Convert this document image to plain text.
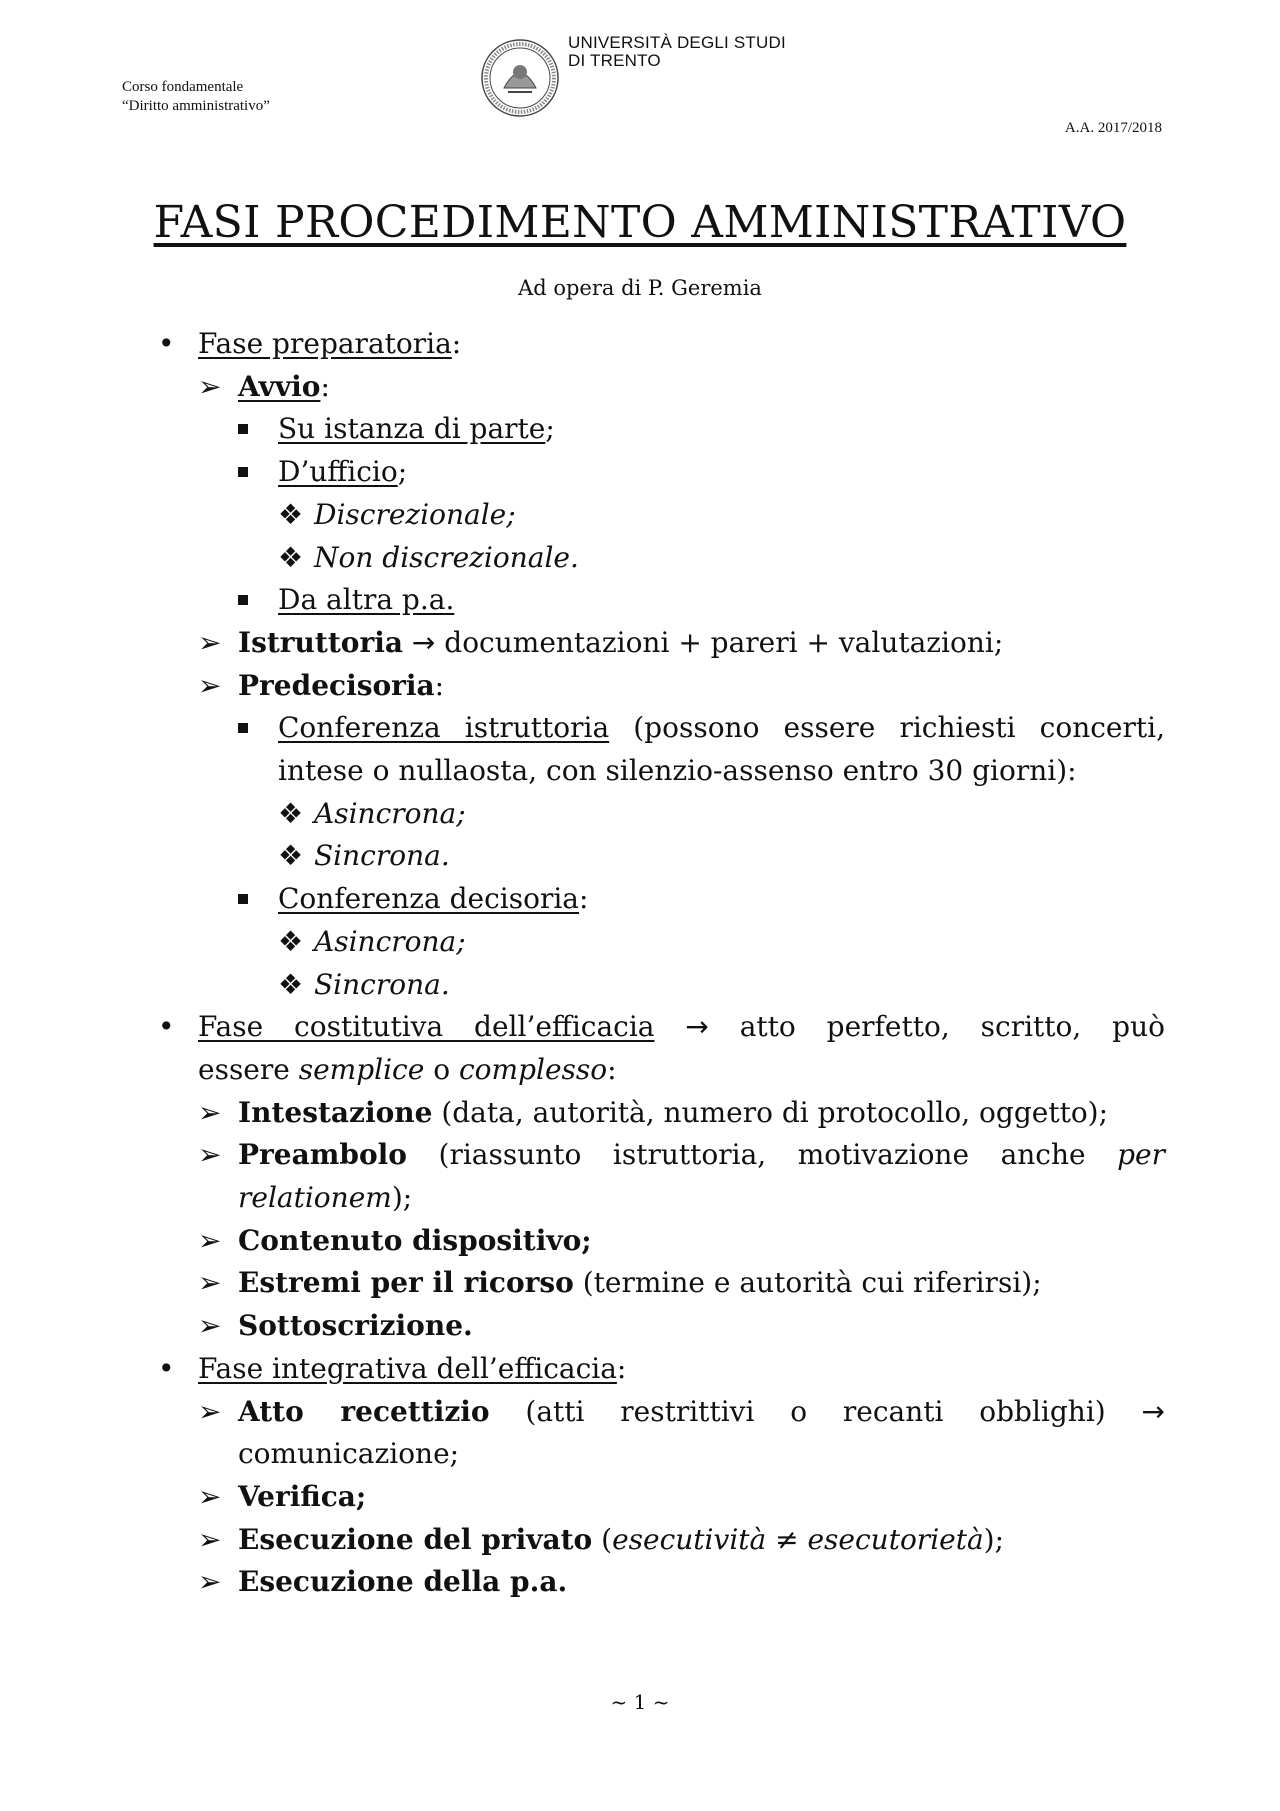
Corso fondamentale
“Diritto amministrativo”
UNIVERSITÀ DEGLI STUDI
DI TRENTO
A.A. 2017/2018
FASI PROCEDIMENTO AMMINISTRATIVO
Ad opera di P. Geremia
• Fase preparatoria:
➢ Avvio:
Su istanza di parte;
D’ufficio;
❖ Discrezionale;
❖ Non discrezionale.
Da altra p.a.
➢ Istruttoria → documentazioni + pareri + valutazioni;
➢ Predecisoria:
Conferenza istruttoria (possono essere richiesti concerti,
intese o nullaosta, con silenzio-assenso entro 30 giorni):
❖ Asincrona;
❖ Sincrona.
Conferenza decisoria:
❖ Asincrona;
❖ Sincrona.
• Fase costitutiva dell’efficacia → atto perfetto, scritto, può
essere semplice o complesso:
➢ Intestazione (data, autorità, numero di protocollo, oggetto);
➢ Preambolo (riassunto istruttoria, motivazione anche per
relationem);
➢ Contenuto dispositivo;
➢ Estremi per il ricorso (termine e autorità cui riferirsi);
➢ Sottoscrizione.
• Fase integrativa dell’efficacia:
➢ Atto recettizio (atti restrittivi o recanti obblighi) →
comunicazione;
➢ Verifica;
➢ Esecuzione del privato (esecutività ≠ esecutorietà);
➢ Esecuzione della p.a.
~ 1 ~
